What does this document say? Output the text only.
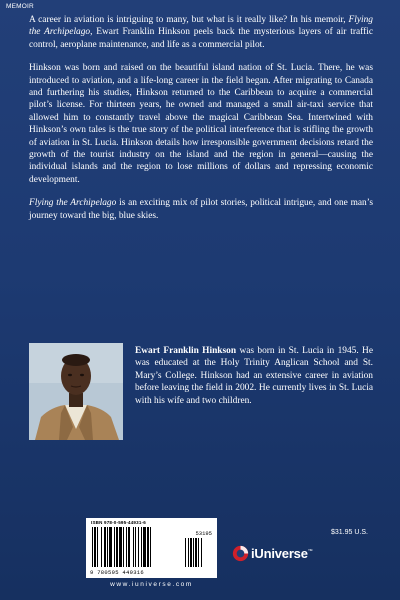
MEMOIR

A career in aviation is intriguing to many, but what is it really like? In his memoir, Flying the Archipelago, Ewart Franklin Hinkson peels back the mysterious layers of air traffic control, aeroplane maintenance, and life as a commercial pilot.

Hinkson was born and raised on the beautiful island nation of St. Lucia. There, he was introduced to aviation, and a life-long career in the field began. After migrating to Canada and furthering his studies, Hinkson returned to the Caribbean to acquire a commercial pilot’s license. For thirteen years, he owned and managed a small air-taxi service that allowed him to constantly travel above the magical Caribbean Sea. Intertwined with Hinkson’s own tales is the true story of the political interference that is stifling the growth of aviation in St. Lucia. Hinkson details how irresponsible government decisions retard the growth of the tourist industry on the island and the region in general—causing the individual islands and the region to lose millions of dollars and repressing economic development.

Flying the Archipelago is an exciting mix of pilot stories, political intrigue, and one man’s journey toward the big, blue skies.

Ewart Franklin Hinkson was born in St. Lucia in 1945. He was educated at the Holy Trinity Anglican School and St. Mary’s College. Hinkson had an extensive career in aviation before leaving the field in 2002. He currently lives in St. Lucia with his wife and two children.

ISBN 978-0-595-44931-6
53195
9 780595 449316
www.iuniverse.com
$31.95 U.S.
iUniverse™
